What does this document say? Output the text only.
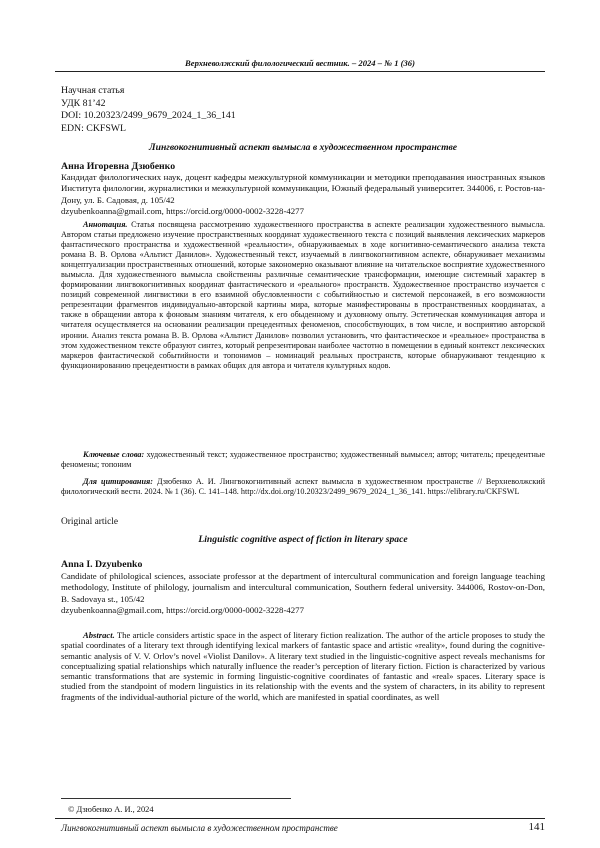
Верхневолжский филологический вестник. – 2024 – № 1 (36)
Научная статья
УДК 81’42
DOI: 10.20323/2499_9679_2024_1_36_141
EDN: CKFSWL
Лингвокогнитивный аспект вымысла в художественном пространстве
Анна Игоревна Дзюбенко
Кандидат филологических наук, доцент кафедры межкультурной коммуникации и методики преподавания иностранных языков Института филологии, журналистики и межкультурной коммуникации, Южный федеральный университет. 344006, г. Ростов-на-Дону, ул. Б. Садовая, д. 105/42
dzyubenkoanna@gmail.com, https://orcid.org/0000-0002-3228-4277
Аннотация. Статья посвящена рассмотрению художественного пространства в аспекте реализации художественного вымысла. Автором статьи предложено изучение пространственных координат художественного текста с позиций выявления лексических маркеров фантастического пространства и художественной «реальности», обнаруживаемых в ходе когнитивно-семантического анализа текста романа В. В. Орлова «Альтист Данилов». Художественный текст, изучаемый в лингвокогнитивном аспекте, обнаруживает механизмы концептуализации пространственных отношений, которые закономерно оказывают влияние на читательское восприятие художественного вымысла. Для художественного вымысла свойственны различные семантические трансформации, имеющие системный характер в формировании лингвокогнитивных координат фантастического и «реального» пространств. Художественное пространство изучается с позиций современной лингвистики в его взаимной обусловленности с событийностью и системой персонажей, в его возможности репрезентации фрагментов индивидуально-авторской картины мира, которые манифестированы в пространственных координатах, а также в обращении автора к фоновым знаниям читателя, к его обыденному и духовному опыту. Эстетическая коммуникация автора и читателя осуществляется на основании реализации прецедентных феноменов, способствующих, в том числе, и восприятию авторской иронии. Анализ текста романа В. В. Орлова «Альтист Данилов» позволил установить, что фантастическое и «реальное» пространства в этом художественном тексте образуют синтез, который репрезентирован наиболее частотно в помещении в единый контекст лексических маркеров фантастической событийности и топонимов – номинаций реальных пространств, которые обнаруживают тенденцию к функционированию прецедентности в рамках общих для автора и читателя культурных кодов.
Ключевые слова: художественный текст; художественное пространство; художественный вымысел; автор; читатель; прецедентные феномены; топоним
Для цитирования: Дзюбенко А. И. Лингвокогнитивный аспект вымысла в художественном пространстве // Верхневолжский филологический вестн. 2024. № 1 (36). С. 141–148. http://dx.doi.org/10.20323/2499_9679_2024_1_36_141. https://elibrary.ru/CKFSWL
Original article
Linguistic cognitive aspect of fiction in literary space
Anna I. Dzyubenko
Candidate of philological sciences, associate professor at the department of intercultural communication and foreign language teaching methodology, Institute of philology, journalism and intercultural communication, Southern federal university. 344006, Rostov-on-Don, B. Sadovaya st., 105/42
dzyubenkoanna@gmail.com, https://orcid.org/0000-0002-3228-4277
Abstract. The article considers artistic space in the aspect of literary fiction realization. The author of the article proposes to study the spatial coordinates of a literary text through identifying lexical markers of fantastic space and artistic «reality», found during the cognitive-semantic analysis of V. V. Orlov’s novel «Violist Danilov». A literary text studied in the linguistic-cognitive aspect reveals mechanisms for conceptualizing spatial relationships which naturally influence the reader’s perception of literary fiction. Fiction is characterized by various semantic transformations that are systemic in forming linguistic-cognitive coordinates of fantastic and «real» spaces. Literary space is studied from the standpoint of modern linguistics in its relationship with the events and the system of characters, in its ability to represent fragments of the individual-authorial picture of the world, which are manifested in spatial coordinates, as well
© Дзюбенко А. И., 2024
Лингвокогнитивный аспект вымысла в художественном пространстве	141
